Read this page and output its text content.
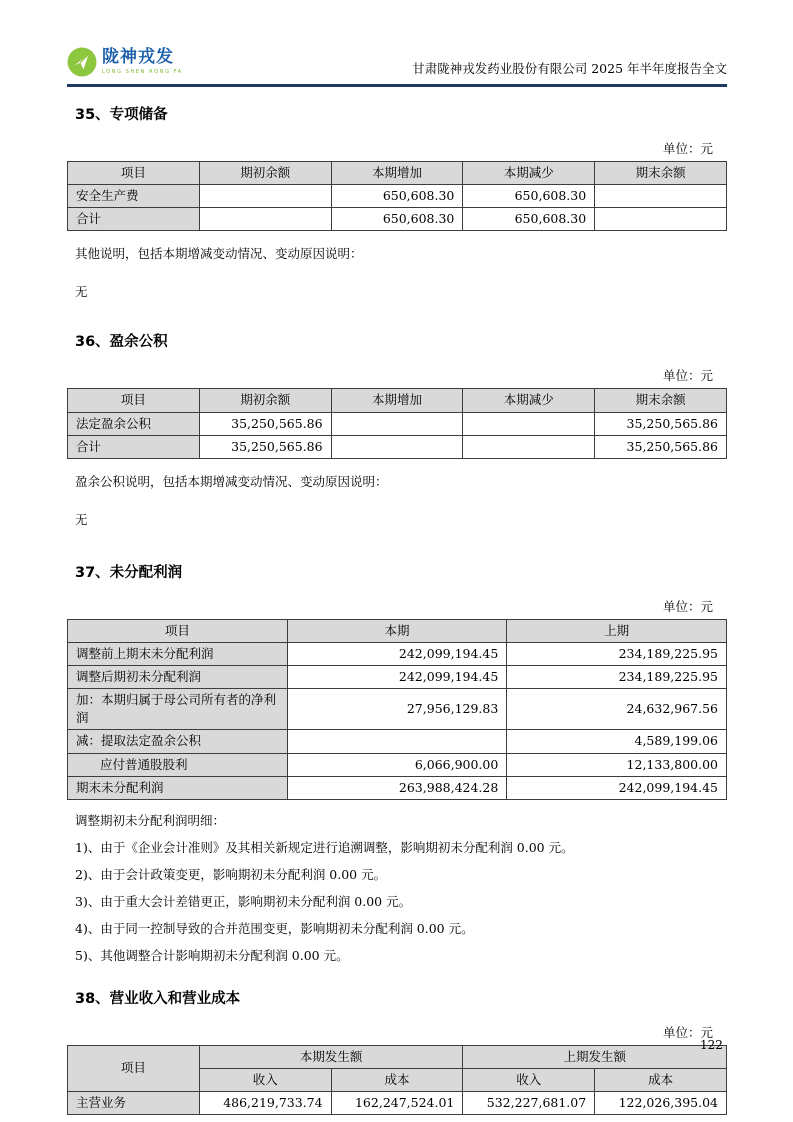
陇神戎发
LONG SHEN RONG FA	甘肃陇神戎发药业股份有限公司 2025 年半年度报告全文
35、专项储备
单位：元
项目	期初余额	本期增加	本期减少	期末余额
安全生产费		650,608.30	650,608.30	
合计		650,608.30	650,608.30	
其他说明，包括本期增减变动情况、变动原因说明：
无
36、盈余公积
单位：元
项目	期初余额	本期增加	本期减少	期末余额
法定盈余公积	35,250,565.86			35,250,565.86
合计	35,250,565.86			35,250,565.86
盈余公积说明，包括本期增减变动情况、变动原因说明：
无
37、未分配利润
单位：元
项目	本期	上期
调整前上期末未分配利润	242,099,194.45	234,189,225.95
调整后期初未分配利润	242,099,194.45	234,189,225.95
加：本期归属于母公司所有者的净利润	27,956,129.83	24,632,967.56
减：提取法定盈余公积		4,589,199.06
应付普通股股利	6,066,900.00	12,133,800.00
期末未分配利润	263,988,424.28	242,099,194.45
调整期初未分配利润明细：
1)、由于《企业会计准则》及其相关新规定进行追溯调整，影响期初未分配利润 0.00 元。
2)、由于会计政策变更，影响期初未分配利润 0.00 元。
3)、由于重大会计差错更正，影响期初未分配利润 0.00 元。
4)、由于同一控制导致的合并范围变更，影响期初未分配利润 0.00 元。
5)、其他调整合计影响期初未分配利润 0.00 元。
38、营业收入和营业成本
单位：元
项目	本期发生额		上期发生额	
	收入	成本	收入	成本
主营业务	486,219,733.74	162,247,524.01	532,227,681.07	122,026,395.04
122
